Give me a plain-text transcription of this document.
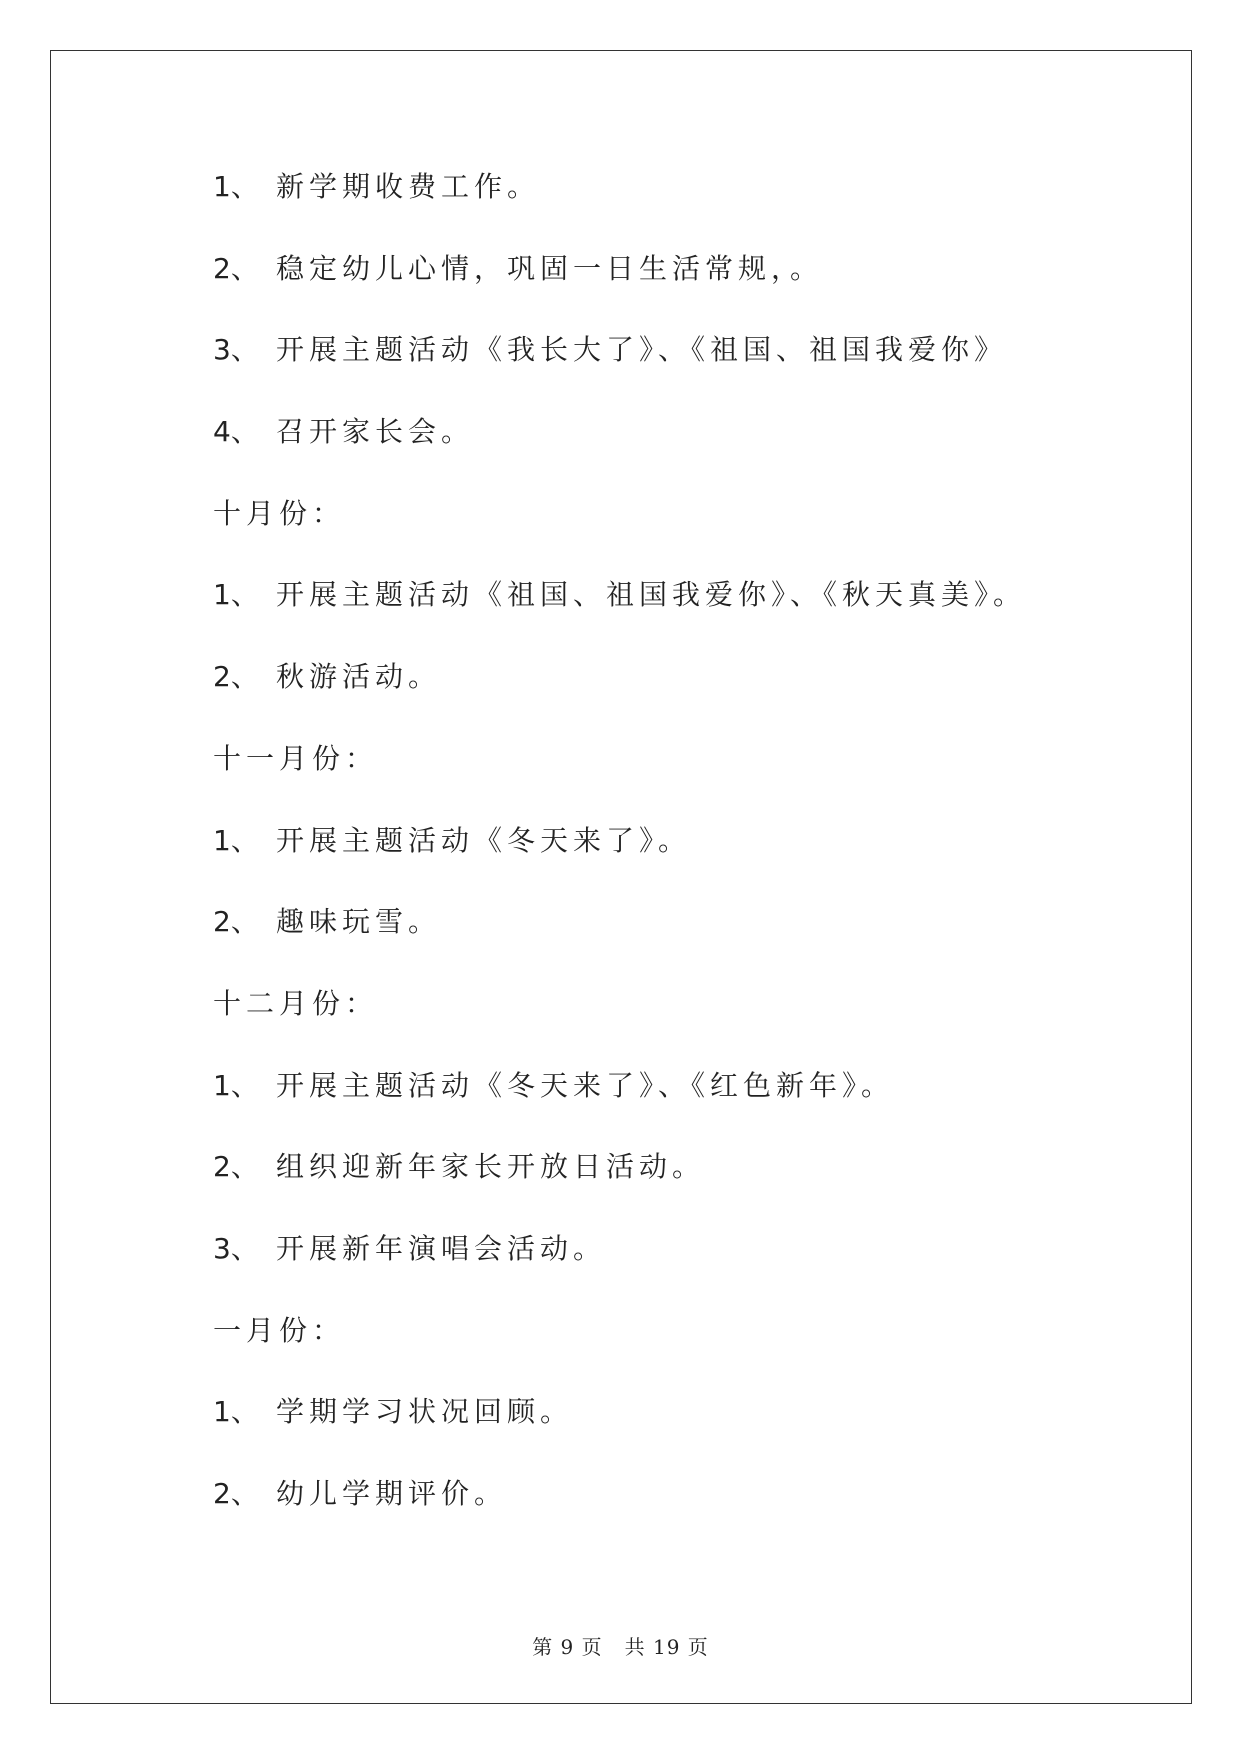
1、 新学期收费工作。
2、 稳定幼儿心情，巩固一日生活常规，。
3、 开展主题活动《我长大了》、《祖国、祖国我爱你》
4、 召开家长会。
十月份：
1、 开展主题活动《祖国、祖国我爱你》、《秋天真美》。
2、 秋游活动。
十一月份：
1、 开展主题活动《冬天来了》。
2、 趣味玩雪。
十二月份：
1、 开展主题活动《冬天来了》、《红色新年》。
2、 组织迎新年家长开放日活动。
3、 开展新年演唱会活动。
一月份：
1、 学期学习状况回顾。
2、 幼儿学期评价。
第 9 页 共 19 页
